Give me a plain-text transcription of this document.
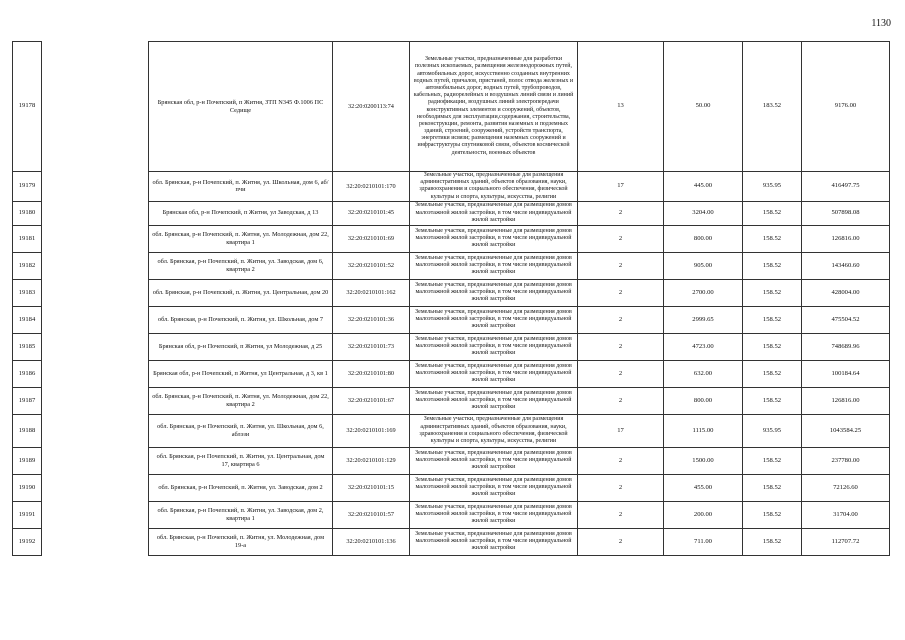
1130
19178		Брянская обл, р-н Почепский, п Житня, ЗТП N345 Ф.1006 ПС Седище	32:20:0200113:74	Земельные участки, предназначенные для разработки полезных ископаемых, размещения железнодорожных путей, автомобильных дорог, искусственно созданных внутренних водных путей, причалов, пристаней, полос отвода железных и автомобильных дорог, водных путей, трубопроводов, кабельных, радиорелейных и воздушных линий связи и линий радиофикации, воздушных линий электропередачи конструктивных элементов и сооружений, объектов, необходимых для эксплуатации,содержания, строительства, реконструкции, ремонта, развития наземных и подземных зданий, строений, сооружений, устройств транспорта, энергетики исвязи; размещения наземных сооружений и инфраструктуры спутниковой связи, объектов космической деятельности, военных объектов	13	50.00	183.52	9176.00
19179		обл. Брянская, р-н Почепский, п. Житня, ул. Школьная, дом 6, аб/пчи	32:20:0210101:170	Земельные участки, предназначенные для размещения административных зданий, объектов образования, науки, здравоохранения и социального обеспечения, физической культуры и спорта, культуры, искусства, религии	17	445.00	935.95	416497.75
19180		Брянская обл, р-н Почепский, п Житня, ул Заводская, д 13	32:20:0210101:45	Земельные участки, предназначенные для размещения домов малоэтажной жилой застройки, в том числе индивидуальной жилой застройки	2	3204.00	158.52	507898.08
19181		обл. Брянская, р-н Почепский, п. Житня, ул. Молодежная, дом 22, квартира 1	32:20:0210101:69	Земельные участки, предназначенные для размещения домов малоэтажной жилой застройки, в том числе индивидуальной жилой застройки	2	800.00	158.52	126816.00
19182		обл. Брянская, р-н Почепский, п. Житня, ул. Заводская, дом 6, квартира 2	32:20:0210101:52	Земельные участки, предназначенные для размещения домов малоэтажной жилой застройки, в том числе индивидуальной жилой застройки	2	905.00	158.52	143460.60
19183		обл. Брянская, р-н Почепский, п. Житня, ул. Центральная, дом 20	32:20:0210101:162	Земельные участки, предназначенные для размещения домов малоэтажной жилой застройки, в том числе индивидуальной жилой застройки	2	2700.00	158.52	428004.00
19184		обл. Брянская, р-н Почепский, п. Житня, ул. Школьная, дом 7	32:20:0210101:36	Земельные участки, предназначенные для размещения домов малоэтажной жилой застройки, в том числе индивидуальной жилой застройки	2	2999.65	158.52	475504.52
19185		Брянская обл, р-н Почепский, п Житня, ул Молодежная, д 25	32:20:0210101:73	Земельные участки, предназначенные для размещения домов малоэтажной жилой застройки, в том числе индивидуальной жилой застройки	2	4723.00	158.52	748689.96
19186		Брянская обл, р-н Почепский, п Житня, ул Центральная, д 3, кв 1	32:20:0210101:80	Земельные участки, предназначенные для размещения домов малоэтажной жилой застройки, в том числе индивидуальной жилой застройки	2	632.00	158.52	100184.64
19187		обл. Брянская, р-н Почепский, п. Житня, ул. Молодежная, дом 22, квартира 2	32:20:0210101:67	Земельные участки, предназначенные для размещения домов малоэтажной жилой застройки, в том числе индивидуальной жилой застройки	2	800.00	158.52	126816.00
19188		обл. Брянская, р-н Почепский, п. Житня, ул. Школьная, дом 6, аблэзи	32:20:0210101:169	Земельные участки, предназначенные для размещения административных зданий, объектов образования, науки, здравоохранения и социального обеспечения, физической культуры и спорта, культуры, искусства, религии	17	1115.00	935.95	1043584.25
19189		обл. Брянская, р-н Почепский, п. Житня, ул. Центральная, дом 17, квартира 6	32:20:0210101:129	Земельные участки, предназначенные для размещения домов малоэтажной жилой застройки, в том числе индивидуальной жилой застройки	2	1500.00	158.52	237780.00
19190		обл. Брянская, р-н Почепский, п. Житня, ул. Заводская, дом 2	32:20:0210101:15	Земельные участки, предназначенные для размещения домов малоэтажной жилой застройки, в том числе индивидуальной жилой застройки	2	455.00	158.52	72126.60
19191		обл. Брянская, р-н Почепский, п. Житня, ул. Заводская, дом 2, квартира 1	32:20:0210101:57	Земельные участки, предназначенные для размещения домов малоэтажной жилой застройки, в том числе индивидуальной жилой застройки	2	200.00	158.52	31704.00
19192		обл. Брянская, р-н Почепский, п. Житня, ул. Молодежная, дом 19-а	32:20:0210101:136	Земельные участки, предназначенные для размещения домов малоэтажной жилой застройки, в том числе индивидуальной жилой застройки	2	711.00	158.52	112707.72
